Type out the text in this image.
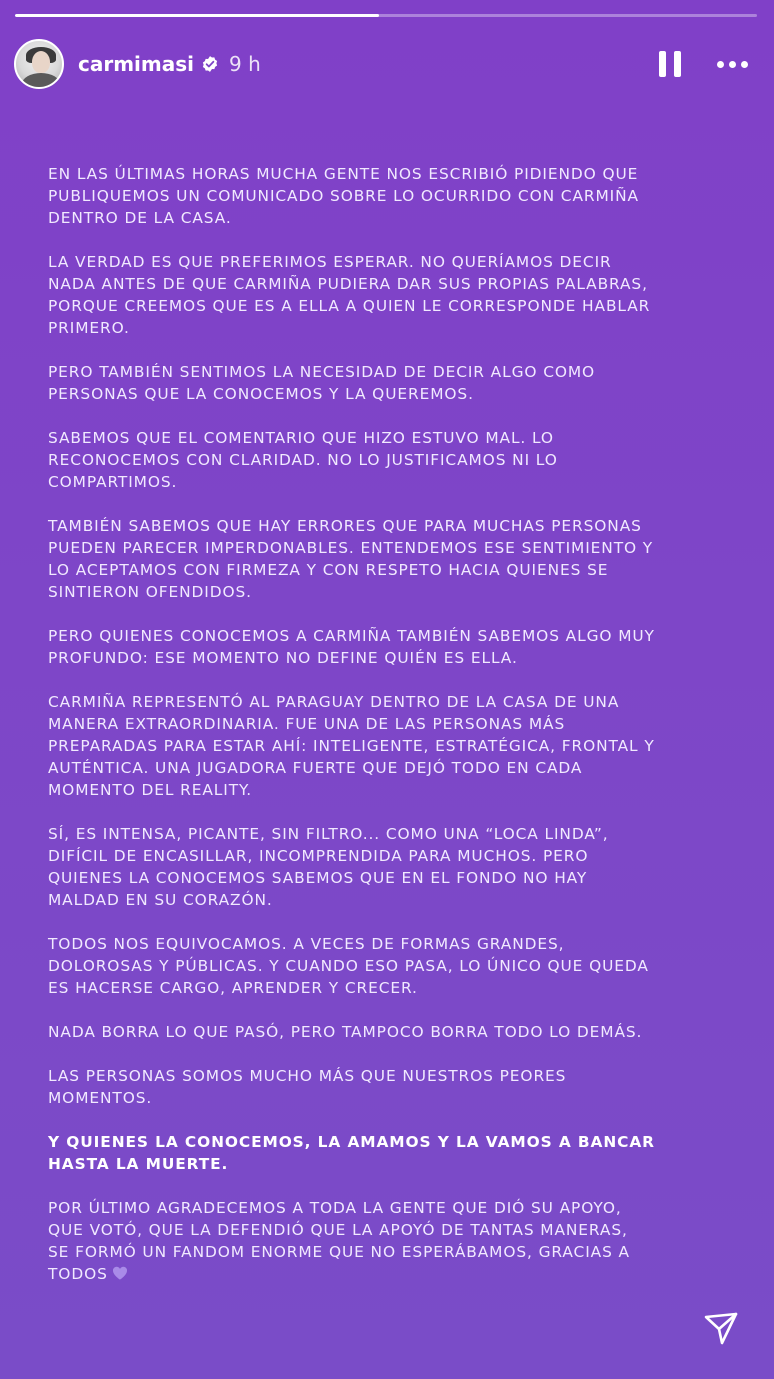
carmimasi 9 h

EN LAS ÚLTIMAS HORAS MUCHA GENTE NOS ESCRIBIÓ PIDIENDO QUE
PUBLIQUEMOS UN COMUNICADO SOBRE LO OCURRIDO CON CARMIÑA
DENTRO DE LA CASA.

LA VERDAD ES QUE PREFERIMOS ESPERAR. NO QUERÍAMOS DECIR
NADA ANTES DE QUE CARMIÑA PUDIERA DAR SUS PROPIAS PALABRAS,
PORQUE CREEMOS QUE ES A ELLA A QUIEN LE CORRESPONDE HABLAR
PRIMERO.

PERO TAMBIÉN SENTIMOS LA NECESIDAD DE DECIR ALGO COMO
PERSONAS QUE LA CONOCEMOS Y LA QUEREMOS.

SABEMOS QUE EL COMENTARIO QUE HIZO ESTUVO MAL. LO
RECONOCEMOS CON CLARIDAD. NO LO JUSTIFICAMOS NI LO
COMPARTIMOS.

TAMBIÉN SABEMOS QUE HAY ERRORES QUE PARA MUCHAS PERSONAS
PUEDEN PARECER IMPERDONABLES. ENTENDEMOS ESE SENTIMIENTO Y
LO ACEPTAMOS CON FIRMEZA Y CON RESPETO HACIA QUIENES SE
SINTIERON OFENDIDOS.

PERO QUIENES CONOCEMOS A CARMIÑA TAMBIÉN SABEMOS ALGO MUY
PROFUNDO: ESE MOMENTO NO DEFINE QUIÉN ES ELLA.

CARMIÑA REPRESENTÓ AL PARAGUAY DENTRO DE LA CASA DE UNA
MANERA EXTRAORDINARIA. FUE UNA DE LAS PERSONAS MÁS
PREPARADAS PARA ESTAR AHÍ: INTELIGENTE, ESTRATÉGICA, FRONTAL Y
AUTÉNTICA. UNA JUGADORA FUERTE QUE DEJÓ TODO EN CADA
MOMENTO DEL REALITY.

SÍ, ES INTENSA, PICANTE, SIN FILTRO... COMO UNA “LOCA LINDA”,
DIFÍCIL DE ENCASILLAR, INCOMPRENDIDA PARA MUCHOS. PERO
QUIENES LA CONOCEMOS SABEMOS QUE EN EL FONDO NO HAY
MALDAD EN SU CORAZÓN.

TODOS NOS EQUIVOCAMOS. A VECES DE FORMAS GRANDES,
DOLOROSAS Y PÚBLICAS. Y CUANDO ESO PASA, LO ÚNICO QUE QUEDA
ES HACERSE CARGO, APRENDER Y CRECER.

NADA BORRA LO QUE PASÓ, PERO TAMPOCO BORRA TODO LO DEMÁS.

LAS PERSONAS SOMOS MUCHO MÁS QUE NUESTROS PEORES
MOMENTOS.

Y QUIENES LA CONOCEMOS, LA AMAMOS Y LA VAMOS A BANCAR
HASTA LA MUERTE.

POR ÚLTIMO AGRADECEMOS A TODA LA GENTE QUE DIÓ SU APOYO,
QUE VOTÓ, QUE LA DEFENDIÓ QUE LA APOYÓ DE TANTAS MANERAS,
SE FORMÓ UN FANDOM ENORME QUE NO ESPERÁBAMOS, GRACIAS A
TODOS
